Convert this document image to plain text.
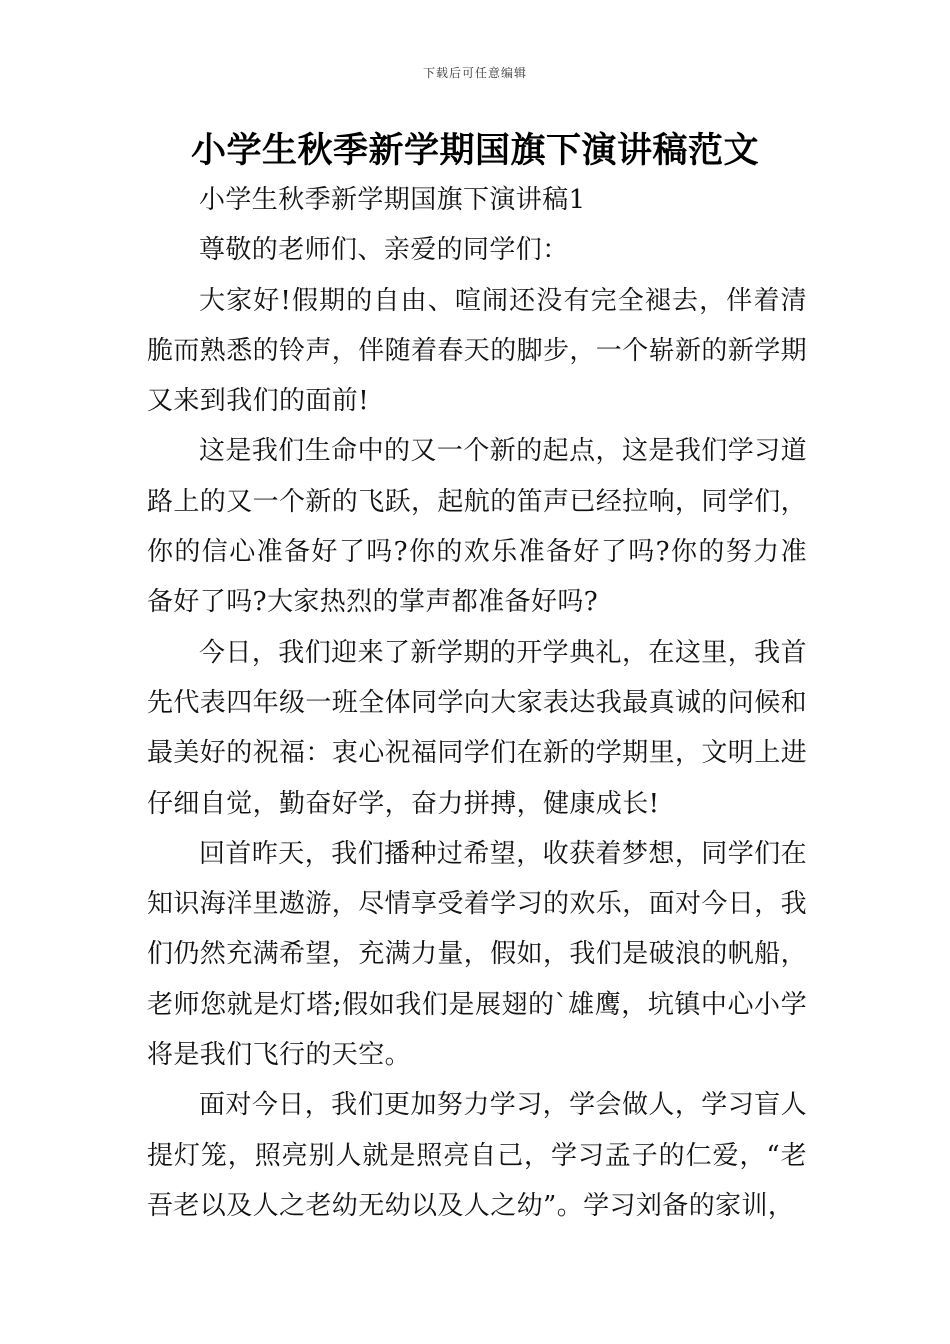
下载后可任意编辑
小学生秋季新学期国旗下演讲稿范文

小学生秋季新学期国旗下演讲稿1

尊敬的老师们、亲爱的同学们：

大家好!假期的自由、喧闹还没有完全褪去，伴着清脆而熟悉的铃声，伴随着春天的脚步，一个崭新的新学期又来到我们的面前!

这是我们生命中的又一个新的起点，这是我们学习道路上的又一个新的飞跃，起航的笛声已经拉响，同学们，你的信心准备好了吗?你的欢乐准备好了吗?你的努力准备好了吗?大家热烈的掌声都准备好吗?

今日，我们迎来了新学期的开学典礼，在这里，我首先代表四年级一班全体同学向大家表达我最真诚的问候和最美好的祝福：衷心祝福同学们在新的学期里，文明上进仔细自觉，勤奋好学，奋力拼搏，健康成长!

回首昨天，我们播种过希望，收获着梦想，同学们在知识海洋里遨游，尽情享受着学习的欢乐，面对今日，我们仍然充满希望，充满力量，假如，我们是破浪的帆船，老师您就是灯塔;假如我们是展翅的`雄鹰，坑镇中心小学将是我们飞行的天空。

面对今日，我们更加努力学习，学会做人，学习盲人提灯笼，照亮别人就是照亮自己，学习孟子的仁爱，“老吾老以及人之老幼无幼以及人之幼”。学习刘备的家训，
